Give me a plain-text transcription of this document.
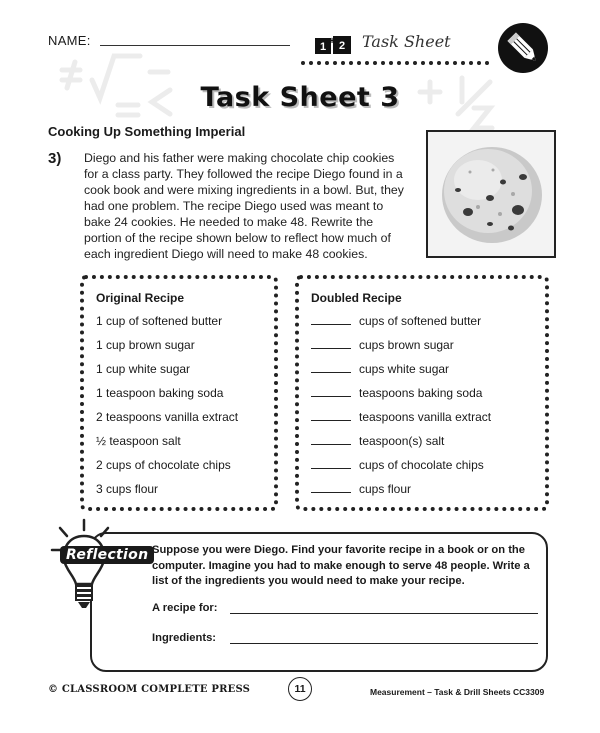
NAME:	1 2
+ Task Sheet
Task Sheet 3
Cooking Up Something Imperial
3) Diego and his father were making chocolate chip cookies for a class party. They followed the recipe Diego found in a cook book and were mixing ingredients in a bowl. But, they had one problem. The recipe Diego used was meant to bake 24 cookies. He needed to make 48. Rewrite the portion of the recipe shown below to reflect how much of each ingredient Diego will need to make 48 cookies.
Original Recipe
1 cup of softened butter
1 cup brown sugar
1 cup white sugar
1 teaspoon baking soda
2 teaspoons vanilla extract
½ teaspoon salt
2 cups of chocolate chips
3 cups flour
Doubled Recipe
cups of softened butter
cups brown sugar
cups white sugar
teaspoons baking soda
teaspoons vanilla extract
teaspoon(s) salt
cups of chocolate chips
cups flour
Reflection Suppose you were Diego. Find your favorite recipe in a book or on the computer. Imagine you had to make enough to serve 48 people. Write a list of the ingredients you would need to make your recipe.
A recipe for:
Ingredients:
© CLASSROOM COMPLETE PRESS	11	Measurement – Task & Drill Sheets CC3309
